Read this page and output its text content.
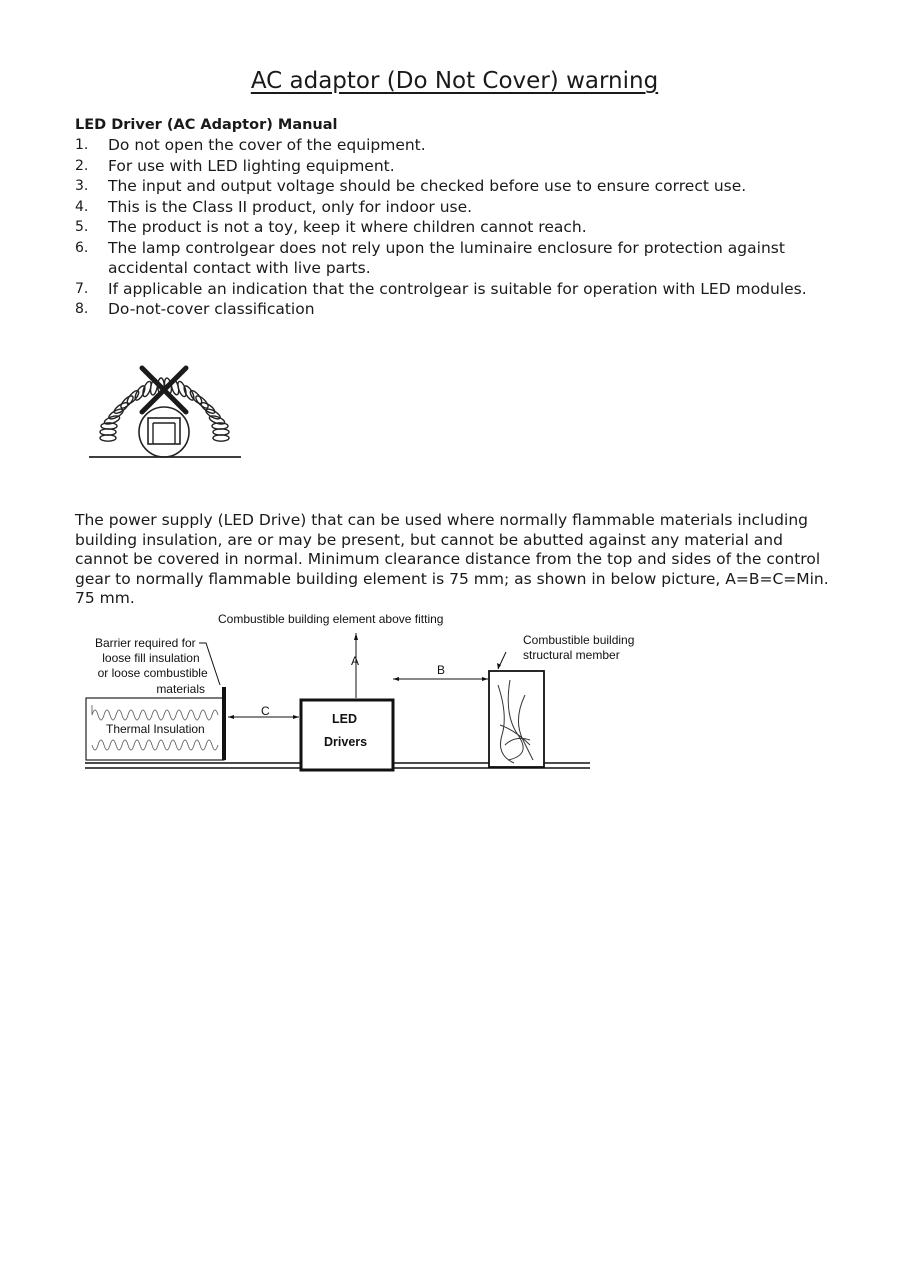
AC adaptor (Do Not Cover) warning
LED Driver (AC Adaptor) Manual
1. Do not open the cover of the equipment.
2. For use with LED lighting equipment.
3. The input and output voltage should be checked before use to ensure correct use.
4. This is the Class II product, only for indoor use.
5. The product is not a toy, keep it where children cannot reach.
6. The lamp controlgear does not rely upon the luminaire enclosure for protection against accidental contact with live parts.
7. If applicable an indication that the controlgear is suitable for operation with LED modules.
8. Do-not-cover classification

The power supply (LED Drive) that can be used where normally flammable materials including building insulation, are or may be present, but cannot be abutted against any material and cannot be covered in normal. Minimum clearance distance from the top and sides of the control gear to normally flammable building element is 75 mm; as shown in below picture, A=B=C=Min. 75 mm.

Combustible building element above fitting
Barrier required for loose fill insulation or loose combustible materials
Combustible building structural member
Thermal Insulation
C
LED
Drivers
A
B
